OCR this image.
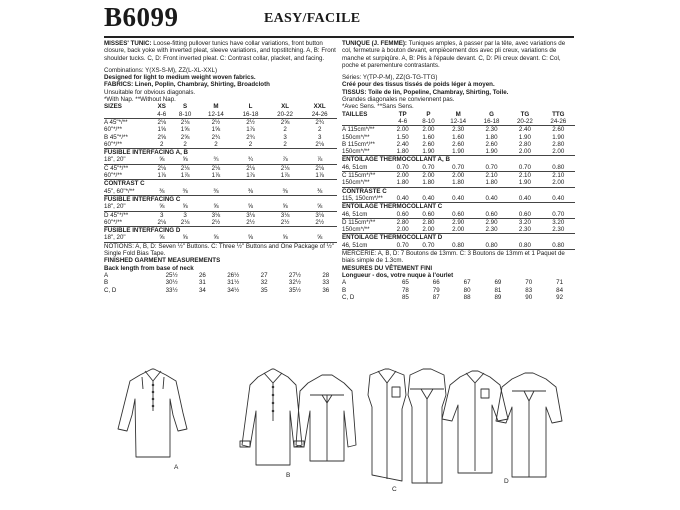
B6099	EASY/FACILE

MISSES' TUNIC: Loose-fitting pullover tunics have collar variations, front button closure, back yoke with inverted pleat, sleeve variations, and topstitching. A, B: Front shoulder tucks. C, D: Front inverted pleat. C: Contrast collar, placket, and facing.

Combinations: Y(XS-S-M), ZZ(L-XL-XXL)

Designed for light to medium weight woven fabrics.

FABRICS: Linen, Poplin, Chambray, Shirting, Broadcloth

Unsuitable for obvious diagonals.

*With Nap. **Without Nap.

SIZES	XS	S	M	L	XL	XXL
	4-6	8-10	12-14	16-18	20-22	24-26
A 45"*/**	2⅛	2⅛	2½	2½	2⅝	2¾
60"*/**	1⅝	1⅝	1⅝	1⅞	2	2
B 45"*/**	2⅝	2⅝	2¾	2¾	3	3
60"*/**	2	2	2	2	2	2⅛
FUSIBLE INTERFACING A, B						
18", 20"	⅝	⅝	¾	¾	⅞	⅞
C 45"*/**	2⅛	2⅛	2⅛	2⅛	2⅛	2⅛
60"*/**	1⅞	1⅞	1⅞	1⅞	1⅞	1⅞
CONTRAST C						
45", 60"*/**	⅜	⅜	⅜	⅜	⅜	⅜
FUSIBLE INTERFACING C						
18", 20"	⅝	⅝	⅝	⅝	⅝	⅝
D 45"*/**	3	3	3⅛	3⅛	3⅛	3⅛
60"*/**	2⅛	2⅛	2½	2½	2½	2½
FUSIBLE INTERFACING D						
18", 20"	⅝	⅝	⅝	⅝	⅝	⅝

NOTIONS: A, B, D: Seven ½" Buttons. C: Three ½" Buttons and One Package of ½" Single Fold Bias Tape.

FINISHED GARMENT MEASUREMENTS

Back length from base of neck

A	25½	26	26½	27	27½	28
B	30½	31	31½	32	32½	33
C, D	33½	34	34½	35	35½	36

TUNIQUE (J. FEMME): Tuniques amples, à passer par la tête, avec variations de col, fermeture à bouton devant, empiècement dos avec pli creux, variations de manche et surpiqûre. A, B: Plis à l'épaule devant. C, D: Pli creux devant. C: Col, poche et parementure contrastants.

Séries: Y(TP-P-M), ZZ(G-TG-TTG)

Créé pour des tissus tissés de poids léger à moyen.

TISSUS: Toile de lin, Popeline, Chambray, Shirting, Toile.

Grandes diagonales ne conviennent pas.

*Avec Sens. **Sans Sens.

TAILLES	TP	P	M	G	TG	TTG
	4-6	8-10	12-14	16-18	20-22	24-26
A 115cm*/**	2.00	2.00	2.30	2.30	2.40	2.60
150cm*/**	1.50	1.60	1.60	1.80	1.90	1.90
B 115cm*/**	2.40	2.60	2.60	2.60	2.80	2.80
150cm*/**	1.80	1.90	1.90	1.90	2.00	2.00
ENTOILAGE THERMOCOLLANT A, B						
46, 51cm	0.70	0.70	0.70	0.70	0.70	0.80
C 115cm*/**	2.00	2.00	2.00	2.10	2.10	2.10
150cm*/**	1.80	1.80	1.80	1.80	1.90	2.00
CONTRASTE C						
115, 150cm*/**	0.40	0.40	0.40	0.40	0.40	0.40
ENTOILAGE THERMOCOLLANT C						
46, 51cm	0.60	0.60	0.60	0.60	0.60	0.70
D 115cm*/**	2.80	2.80	2.90	2.90	3.20	3.20
150cm*/**	2.00	2.00	2.00	2.30	2.30	2.30
ENTOILAGE THERMOCOLLANT D						
46, 51cm	0.70	0.70	0.80	0.80	0.80	0.80

MERCERIE: A, B, D: 7 Boutons de 13mm. C: 3 Boutons de 13mm et 1 Paquet de biais simple de 1.3cm.

MESURES DU VÊTEMENT FINI

Longueur - dos, votre nuque à l'ourlet

A	65	66	67	69	70	71
B	78	79	80	81	83	84
C, D	85	87	88	89	90	92
A
B
C
D
